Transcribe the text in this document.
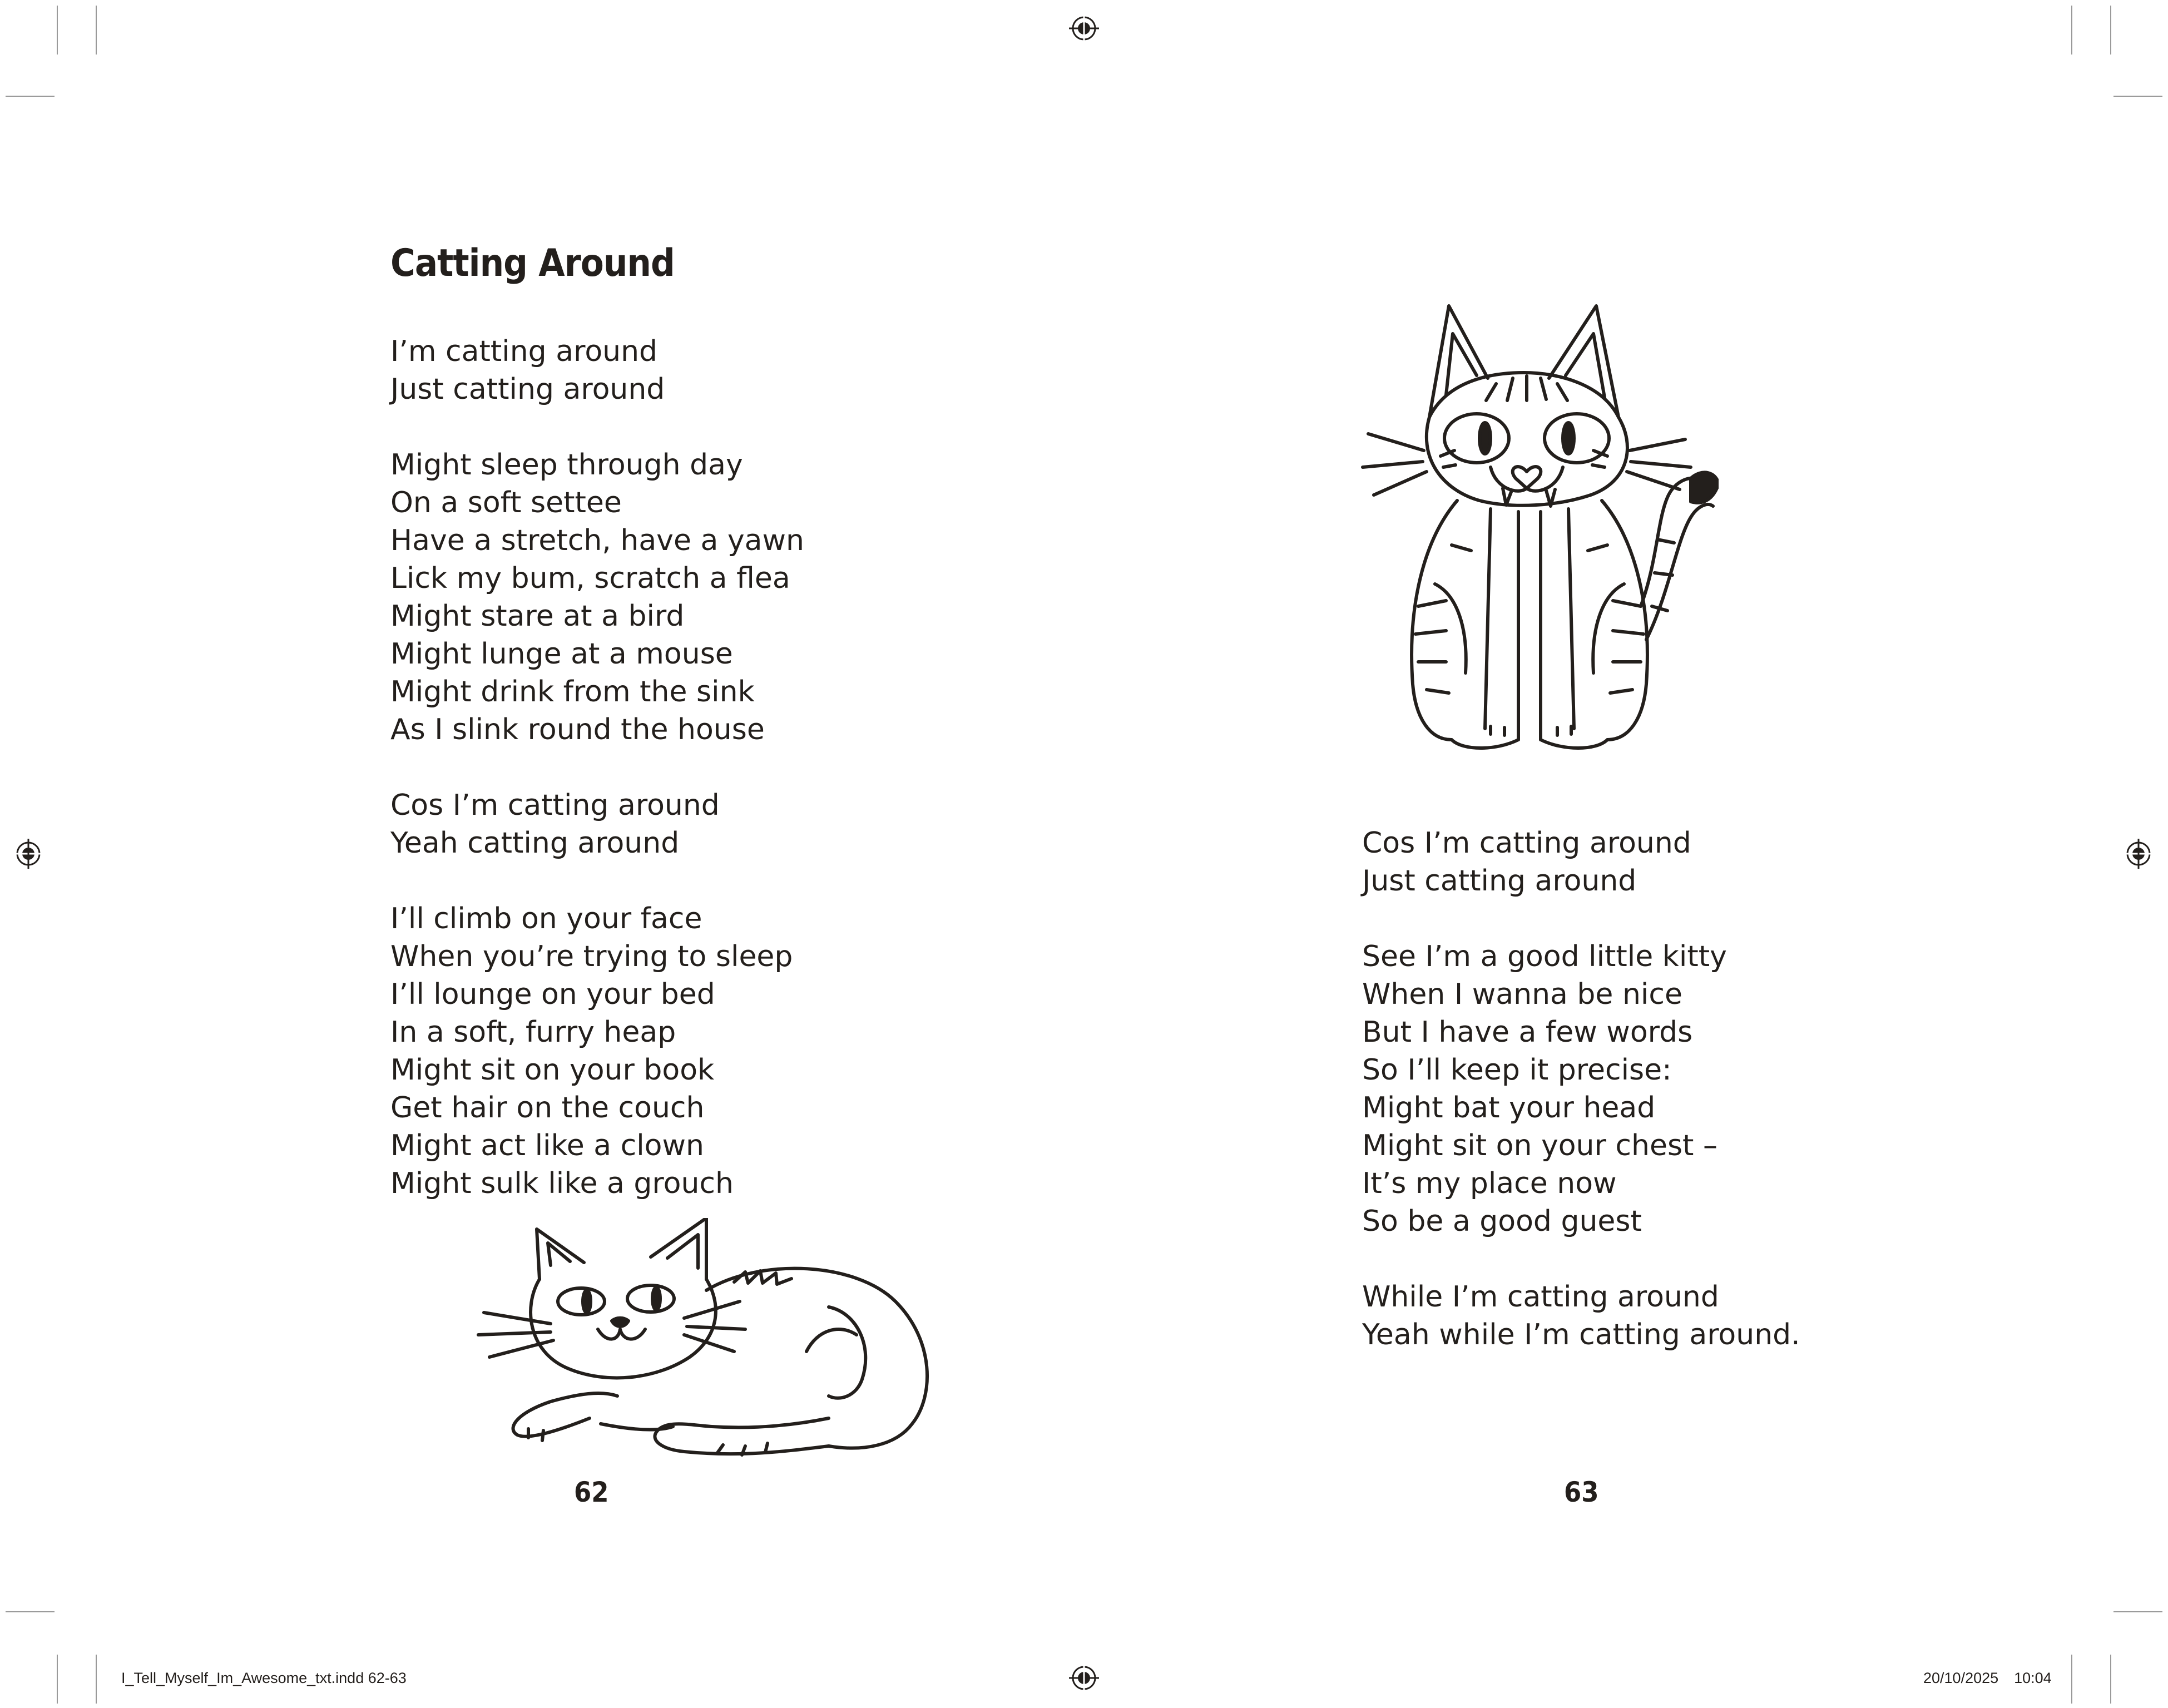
Catting Around
I’m catting around
Just catting around
Might sleep through day
On a soft settee
Have a stretch, have a yawn
Lick my bum, scratch a flea
Might stare at a bird
Might lunge at a mouse
Might drink from the sink
As I slink round the house
Cos I’m catting around
Yeah catting around
I’ll climb on your face
When you’re trying to sleep
I’ll lounge on your bed
In a soft, furry heap
Might sit on your book
Get hair on the couch
Might act like a clown
Might sulk like a grouch
62
Cos I’m catting around
Just catting around
See I’m a good little kitty
When I wanna be nice
But I have a few words
So I’ll keep it precise:
Might bat your head
Might sit on your chest –
It’s my place now
So be a good guest
While I’m catting around
Yeah while I’m catting around.
63
I_Tell_Myself_Im_Awesome_txt.indd 62-63	20/10/2025 10:04
